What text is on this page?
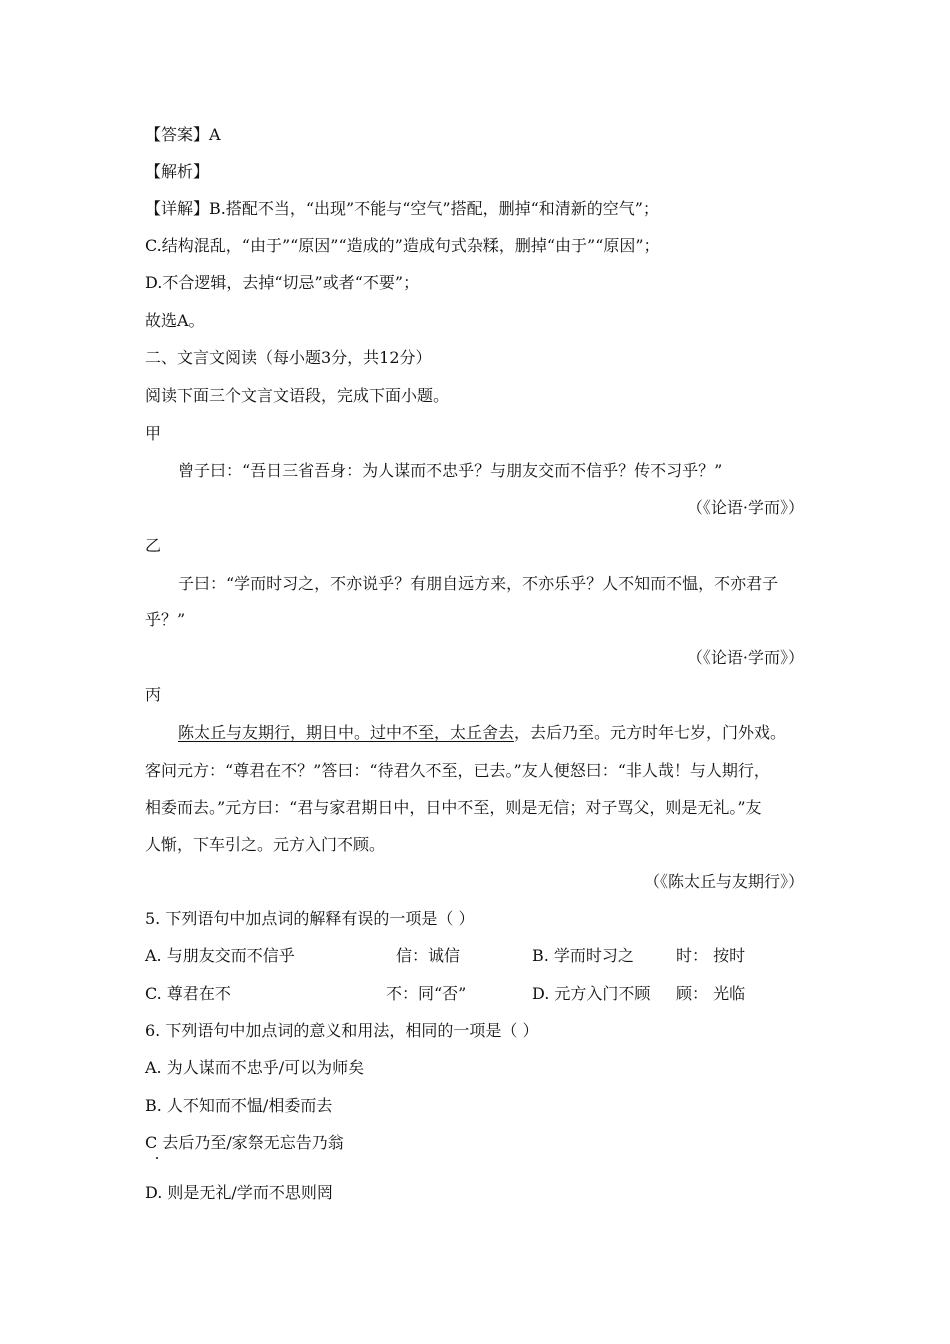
【答案】A
【解析】
【详解】B.搭配不当，“出现”不能与“空气”搭配，删掉“和清新的空气”；
C.结构混乱，“由于”“原因”“造成的”造成句式杂糅，删掉“由于”“原因”；
D.不合逻辑，去掉“切忌”或者“不要”；
故选A。
二、文言文阅读（每小题3分，共12分）
阅读下面三个文言文语段，完成下面小题。
甲
曾子曰：“吾日三省吾身：为人谋而不忠乎？与朋友交而不信乎？传不习乎？”
（《论语·学而》）
乙
子曰：“学而时习之，不亦说乎？有朋自远方来，不亦乐乎？人不知而不愠，不亦君子
乎？”
（《论语·学而》）
丙
陈太丘与友期行，期日中。过中不至，太丘舍去，去后乃至。元方时年七岁，门外戏。
客问元方：“尊君在不？”答曰：“待君久不至，已去。”友人便怒曰：“非人哉！与人期行，
相委而去。”元方曰：“君与家君期日中，日中不至，则是无信；对子骂父，则是无礼。”友
人惭，下车引之。元方入门不顾。
（《陈太丘与友期行》）
5. 下列语句中加点词的解释有误的一项是（ ）
A. 与朋友交而不信乎	信：诚信	B. 学而时习之	时： 按时
C. 尊君在不	不：同“否”	D. 元方入门不顾 顾： 光临
6. 下列语句中加点词的意义和用法，相同的一项是（ ）
A. 为人谋而不忠乎/可以为师矣
B. 人不知而不愠/相委而去
C 去后乃至/家祭无忘告乃翁
D. 则是无礼/学而不思则罔
